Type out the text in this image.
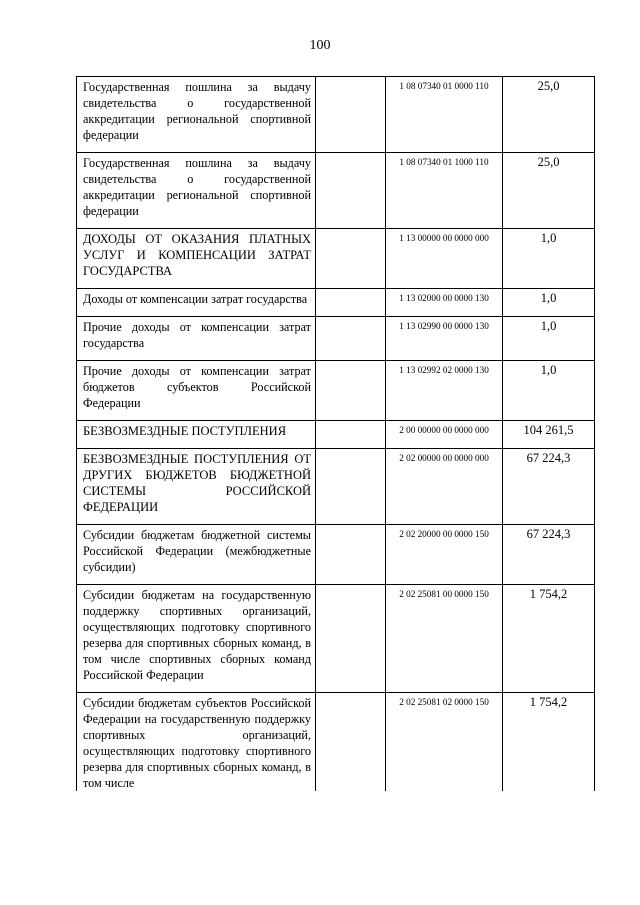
100
Государственная пошлина за выдачу свидетельства о государственной аккредитации региональной спортивной федерации		1 08 07340 01 0000 110	25,0
Государственная пошлина за выдачу свидетельства о государственной аккредитации региональной спортивной федерации		1 08 07340 01 1000 110	25,0
ДОХОДЫ ОТ ОКАЗАНИЯ ПЛАТНЫХ УСЛУГ И КОМПЕНСАЦИИ ЗАТРАТ ГОСУДАРСТВА		1 13 00000 00 0000 000	1,0
Доходы от компенсации затрат государства		1 13 02000 00 0000 130	1,0
Прочие доходы от компенсации затрат государства		1 13 02990 00 0000 130	1,0
Прочие доходы от компенсации затрат бюджетов субъектов Российской Федерации		1 13 02992 02 0000 130	1,0
БЕЗВОЗМЕЗДНЫЕ ПОСТУПЛЕНИЯ		2 00 00000 00 0000 000	104 261,5
БЕЗВОЗМЕЗДНЫЕ ПОСТУПЛЕНИЯ ОТ ДРУГИХ БЮДЖЕТОВ БЮДЖЕТНОЙ СИСТЕМЫ РОССИЙСКОЙ ФЕДЕРАЦИИ		2 02 00000 00 0000 000	67 224,3
Субсидии бюджетам бюджетной системы Российской Федерации (межбюджетные субсидии)		2 02 20000 00 0000 150	67 224,3
Субсидии бюджетам на государственную поддержку спортивных организаций, осуществляющих подготовку спортивного резерва для спортивных сборных команд, в том числе спортивных сборных команд Российской Федерации		2 02 25081 00 0000 150	1 754,2
Субсидии бюджетам субъектов Российской Федерации на государственную поддержку спортивных организаций, осуществляющих подготовку спортивного резерва для спортивных сборных команд, в том числе		2 02 25081 02 0000 150	1 754,2
